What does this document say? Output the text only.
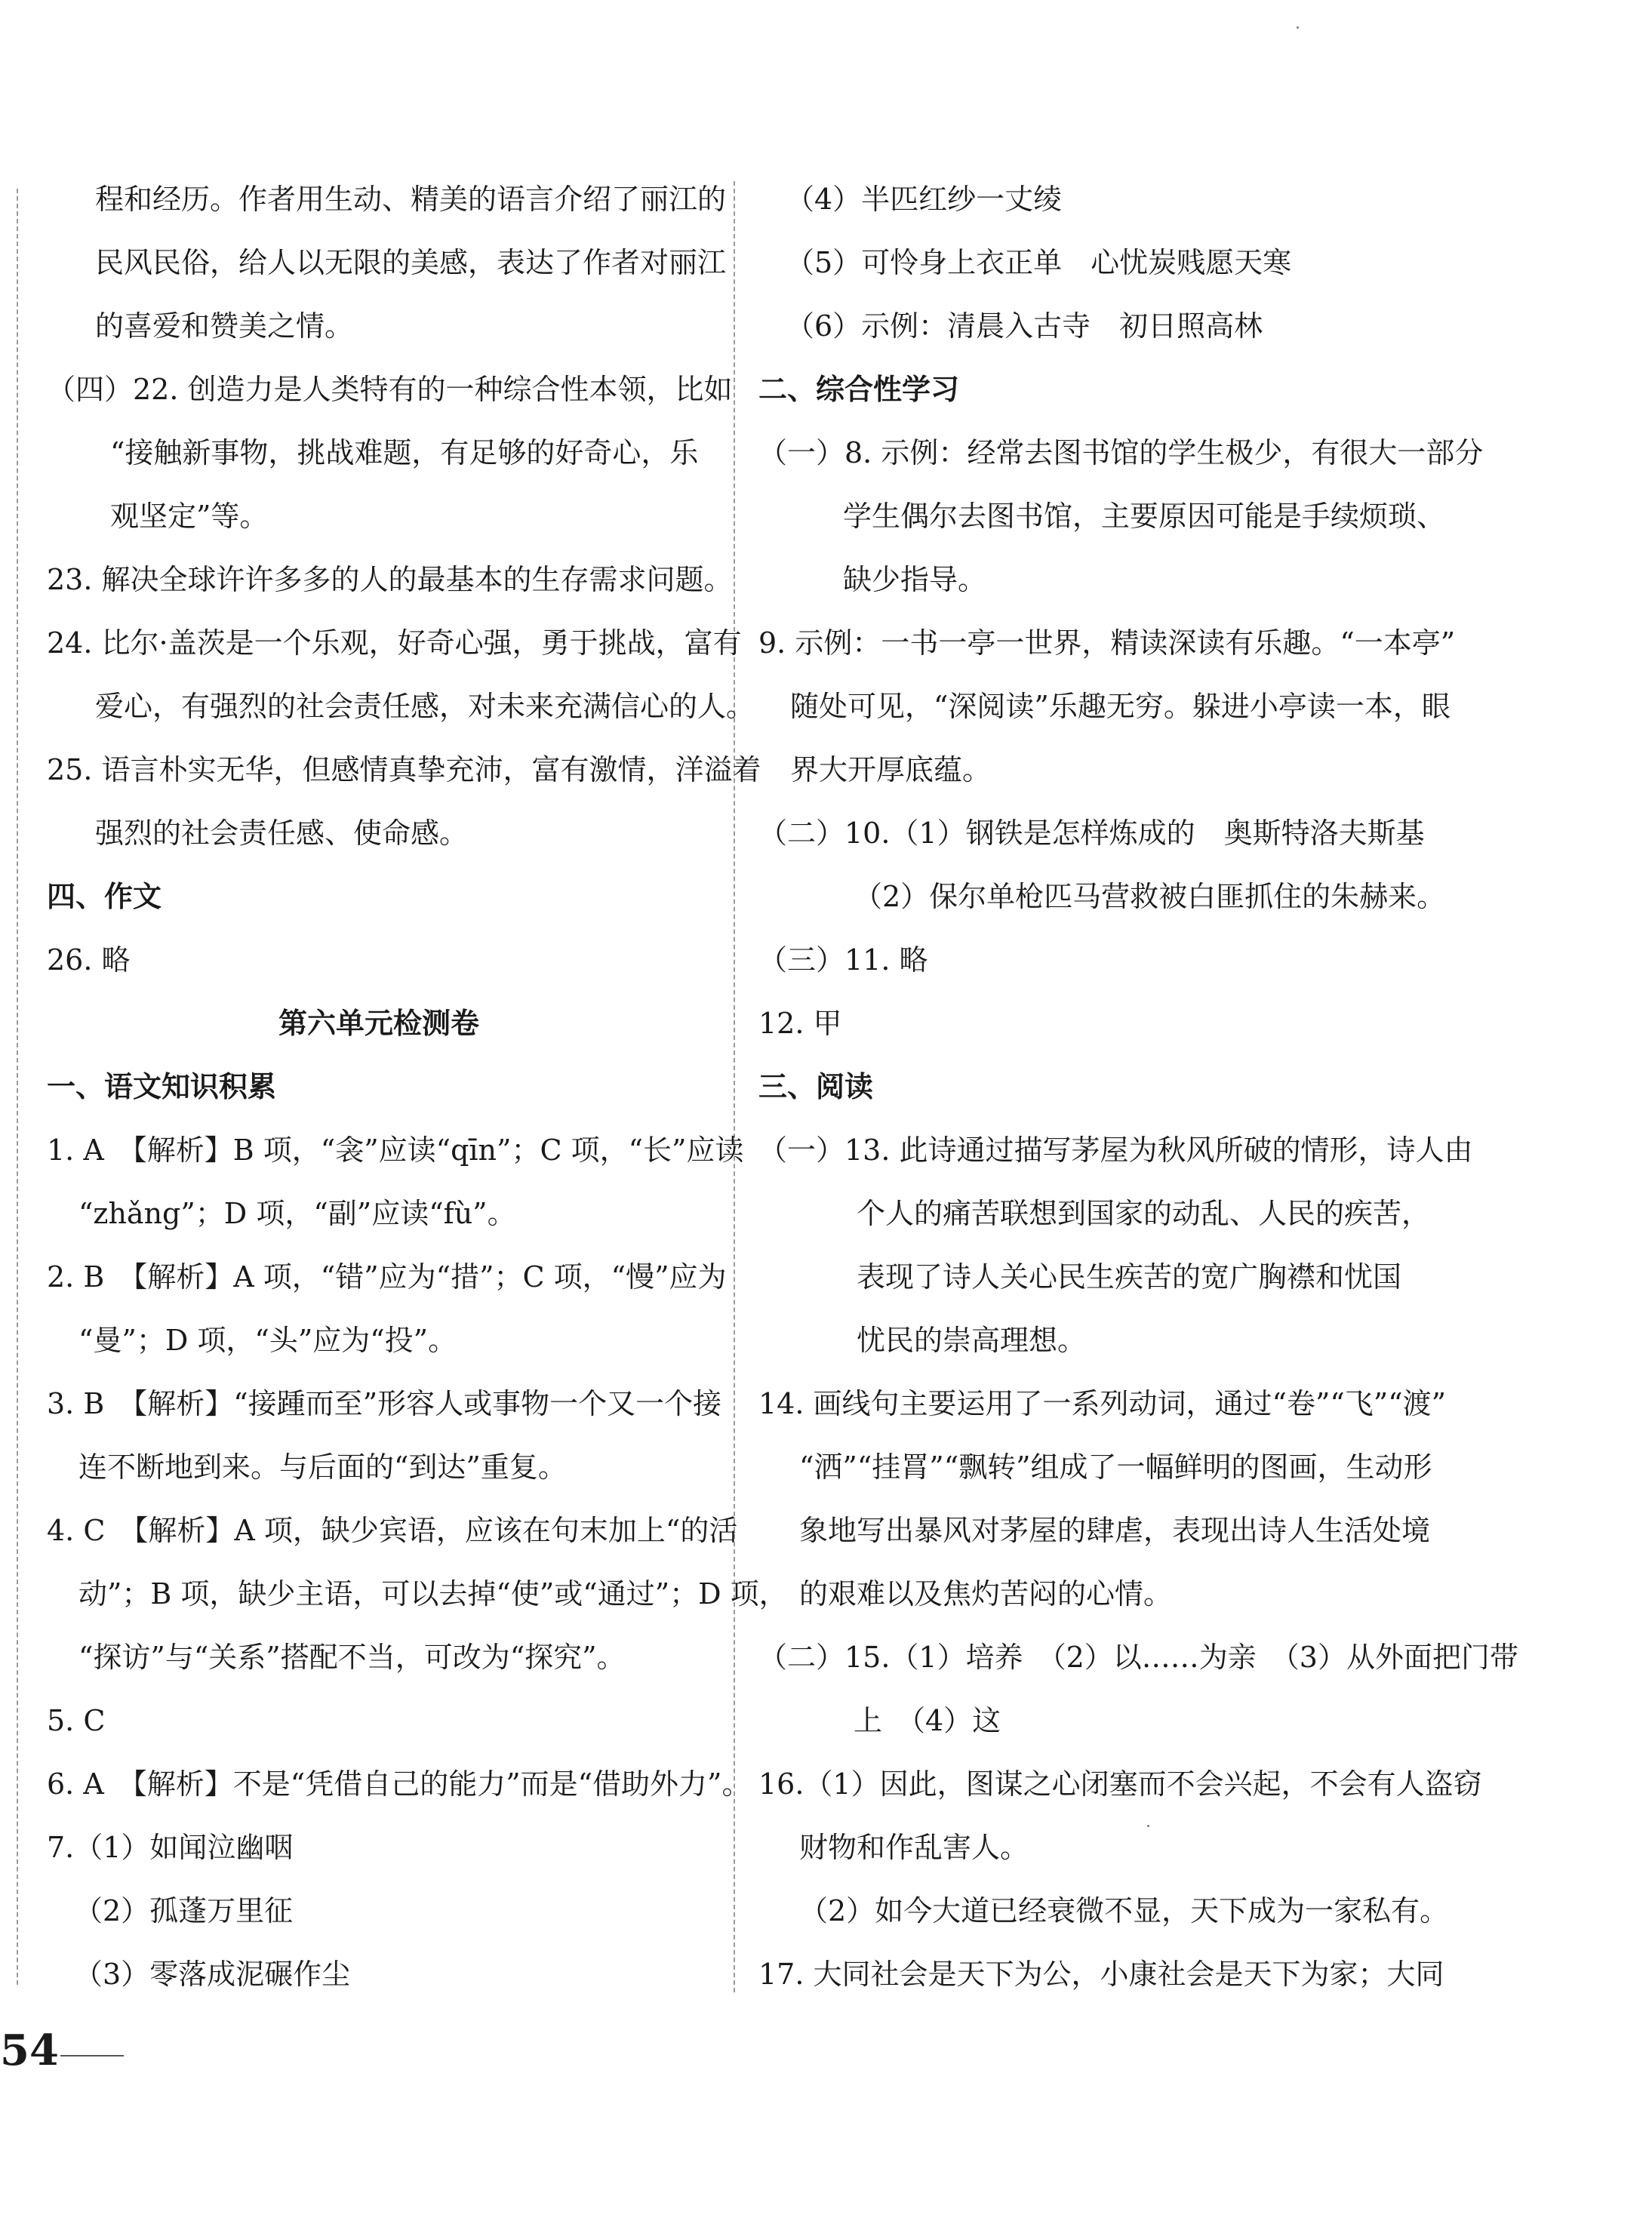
程和经历。作者用生动、精美的语言介绍了丽江的
民风民俗，给人以无限的美感，表达了作者对丽江
的喜爱和赞美之情。
（四）22. 创造力是人类特有的一种综合性本领，比如
“接触新事物，挑战难题，有足够的好奇心，乐
观坚定”等。
23. 解决全球许许多多的人的最基本的生存需求问题。
24. 比尔·盖茨是一个乐观，好奇心强，勇于挑战，富有
爱心，有强烈的社会责任感，对未来充满信心的人。
25. 语言朴实无华，但感情真挚充沛，富有激情，洋溢着
强烈的社会责任感、使命感。
四、作文
26. 略
第六单元检测卷
一、语文知识积累
1. A　【解析】B 项，“衾”应读“qīn”；C 项，“长”应读
“zhǎng”；D 项，“副”应读“fù”。
2. B　【解析】A 项，“错”应为“措”；C 项，“慢”应为
“曼”；D 项，“头”应为“投”。
3. B　【解析】“接踵而至”形容人或事物一个又一个接
连不断地到来。与后面的“到达”重复。
4. C　【解析】A 项，缺少宾语，应该在句末加上“的活
动”；B 项，缺少主语，可以去掉“使”或“通过”；D 项，
“探访”与“关系”搭配不当，可改为“探究”。
5. C
6. A　【解析】不是“凭借自己的能力”而是“借助外力”。
7.（1）如闻泣幽咽
（2）孤蓬万里征
（3）零落成泥碾作尘
（4）半匹红纱一丈绫
（5）可怜身上衣正单　心忧炭贱愿天寒
（6）示例：清晨入古寺　初日照高林
二、综合性学习
（一）8. 示例：经常去图书馆的学生极少，有很大一部分
学生偶尔去图书馆，主要原因可能是手续烦琐、
缺少指导。
9. 示例：一书一亭一世界，精读深读有乐趣。“一本亭”
随处可见，“深阅读”乐趣无穷。躲进小亭读一本，眼
界大开厚底蕴。
（二）10.（1）钢铁是怎样炼成的　奥斯特洛夫斯基
（2）保尔单枪匹马营救被白匪抓住的朱赫来。
（三）11. 略
12. 甲
三、阅读
（一）13. 此诗通过描写茅屋为秋风所破的情形，诗人由
个人的痛苦联想到国家的动乱、人民的疾苦，
表现了诗人关心民生疾苦的宽广胸襟和忧国
忧民的崇高理想。
14. 画线句主要运用了一系列动词，通过“卷”“飞”“渡”
“洒”“挂罥”“飘转”组成了一幅鲜明的图画，生动形
象地写出暴风对茅屋的肆虐，表现出诗人生活处境
的艰难以及焦灼苦闷的心情。
（二）15.（1）培养　（2）以……为亲　（3）从外面把门带
上　（4）这
16.（1）因此，图谋之心闭塞而不会兴起，不会有人盗窃
财物和作乱害人。
（2）如今大道已经衰微不显，天下成为一家私有。
17. 大同社会是天下为公，小康社会是天下为家；大同
54
